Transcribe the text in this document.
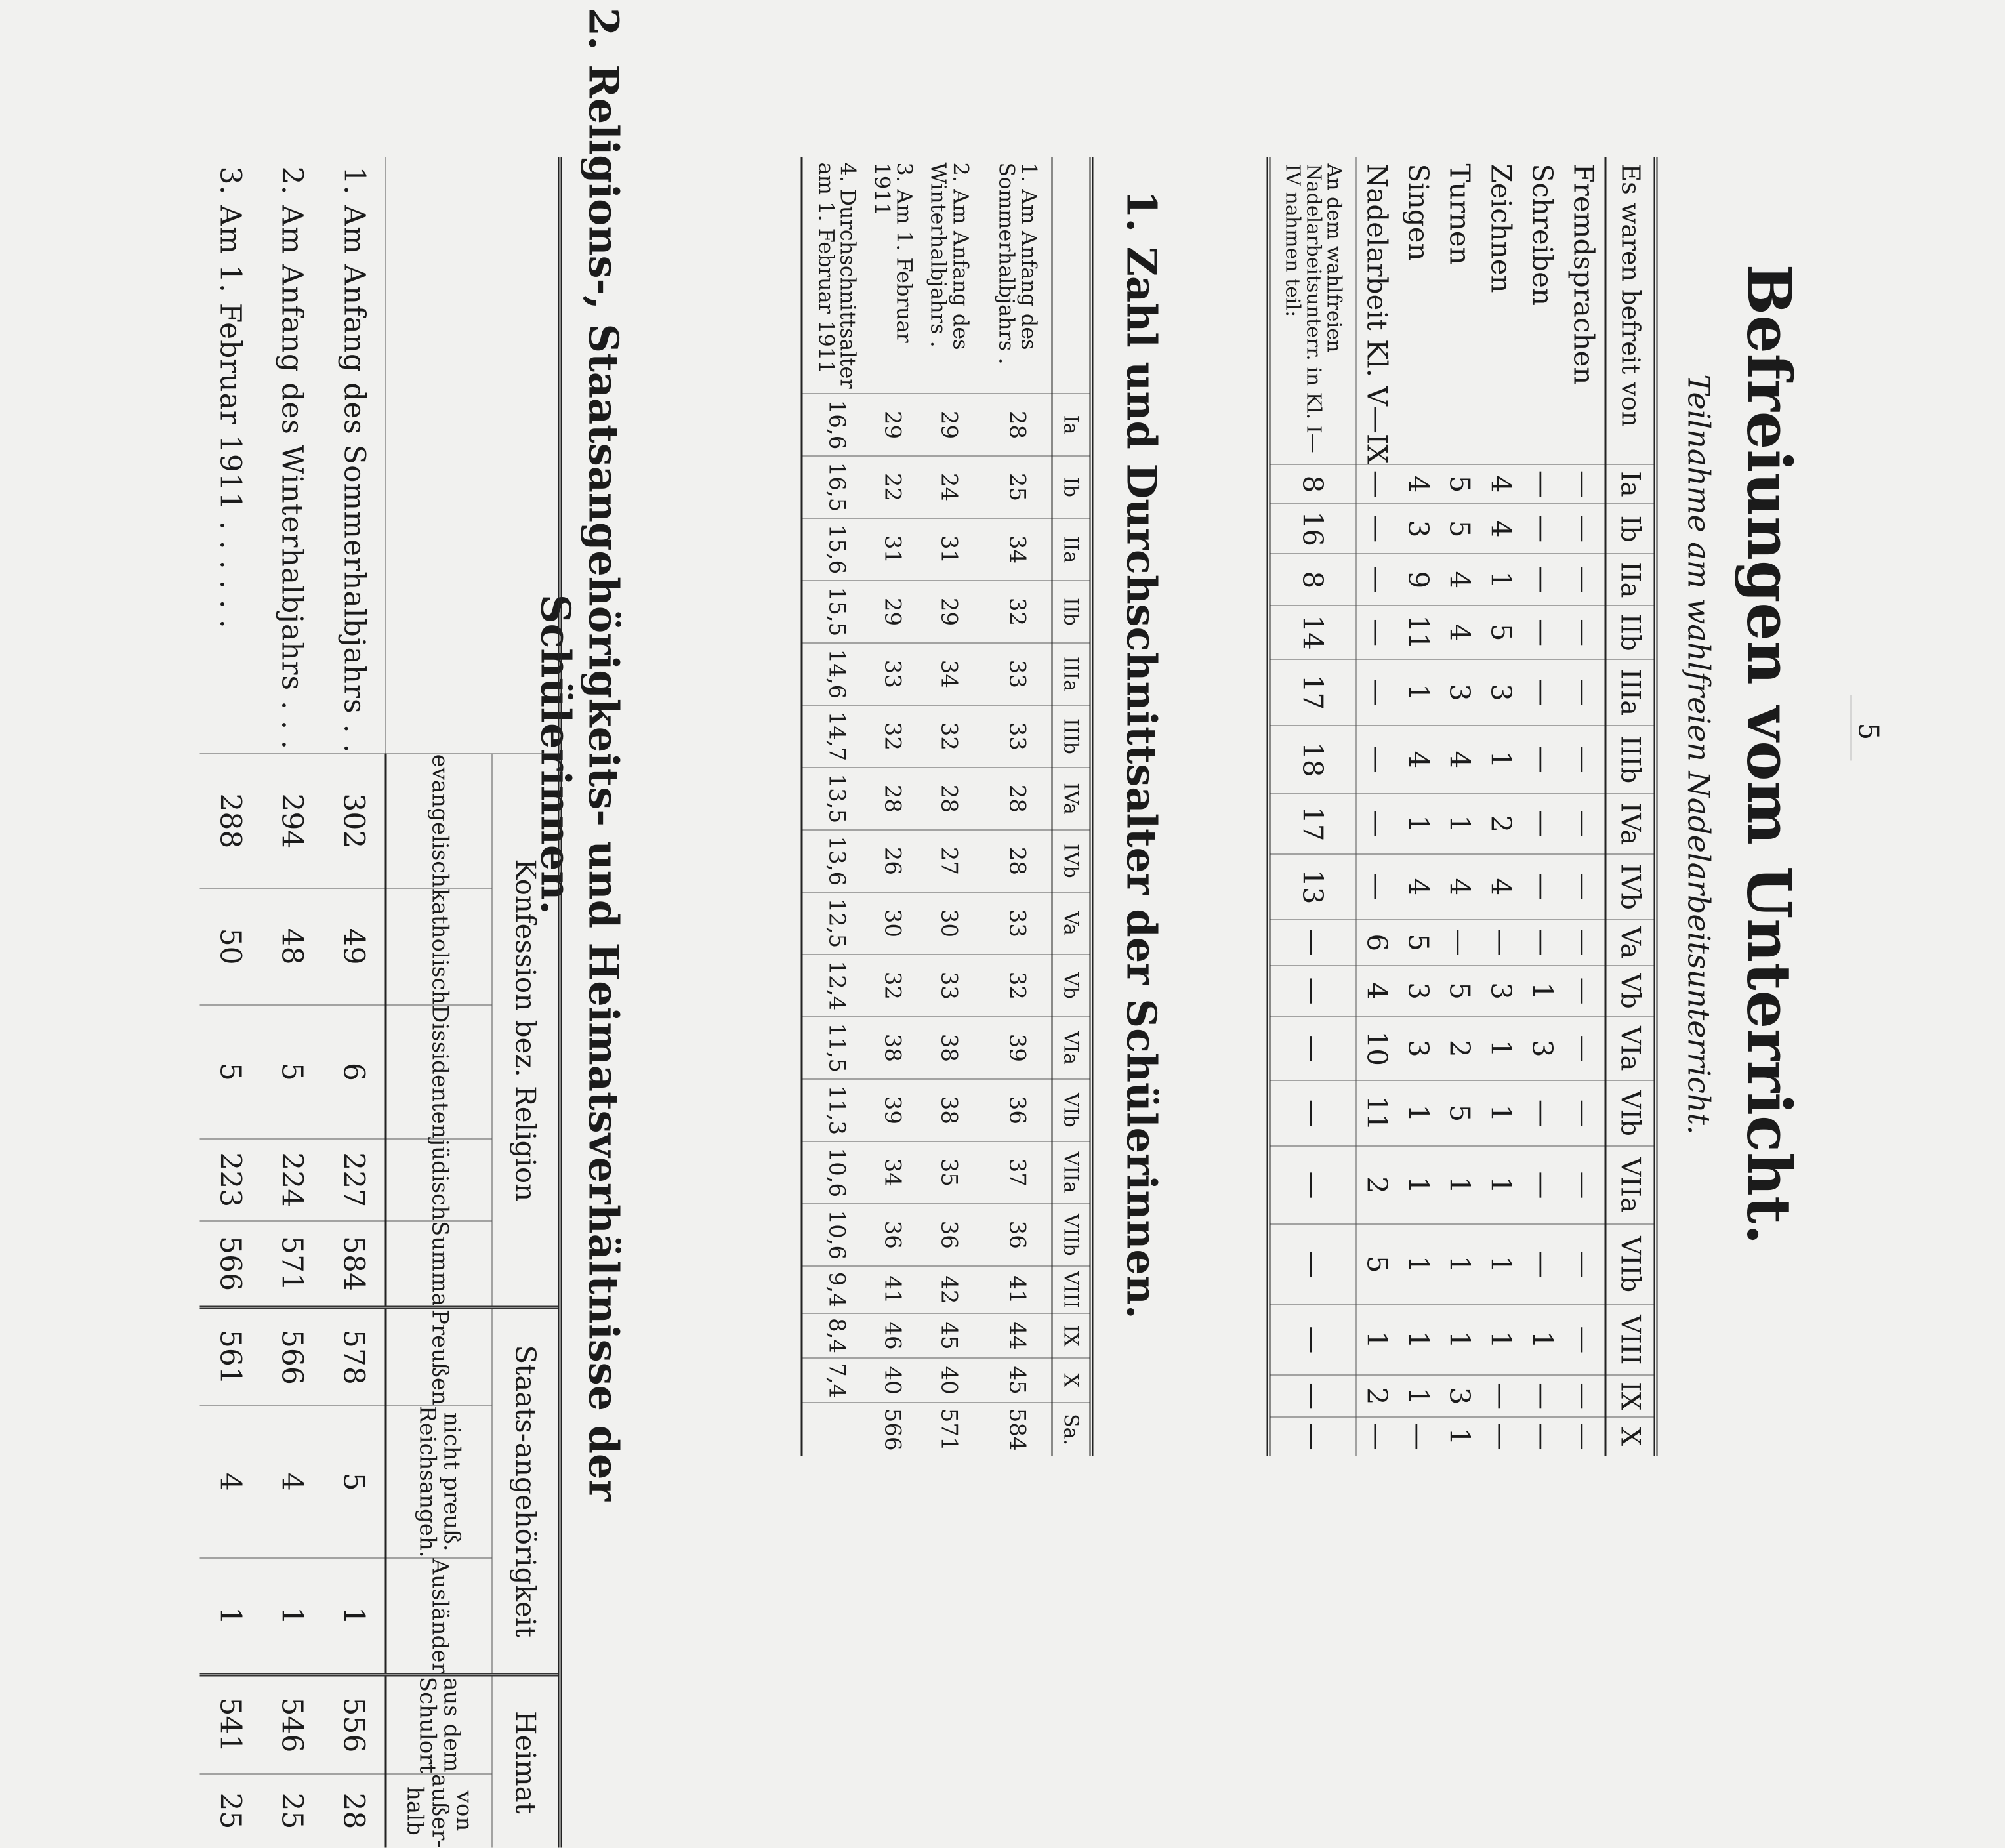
5
Befreiungen vom Unterricht.
Teilnahme am wahlfreien Nadelarbeitsunterricht.
Es waren befreit von	Ia	Ib	IIa	IIb	IIIa	IIIb	IVa	IVb	Va	Vb	VIa	VIb	VIIa	VIIb	VIII	IX	X
Fremdsprachen	—	—	—	—	—	—	—	—	—	—	—	—	—	—	—	—	—
Schreiben	—	—	—	—	—	—	—	—	—	1	3	—	—	—	1	—	—
Zeichnen	4	4	1	5	3	1	2	4	—	3	1	1	1	1	1	—	—
Turnen	5	5	4	4	3	4	1	4	—	5	2	5	1	1	1	3	1
Singen	4	3	9	11	1	4	1	4	5	3	3	1	1	1	1	1	—
Nadelarbeit Kl. V—IX	—	—	—	—	—	—	—	—	6	4	10	11	2	5	1	2	—
An dem wahlfreien Nadelarbeitsunterr. in Kl. I—IV nahmen teil:	8	16	8	14	17	18	17	13	—	—	—	—	—	—	—	—	—
1. Zahl und Durchschnittsalter der Schülerinnen.
	Ia	Ib	IIa	IIb	IIIa	IIIb	IVa	IVb	Va	Vb	VIa	VIb	VIIa	VIIb	VIII	IX	X	Sa.
1. Am Anfang des Sommerhalbjahrs .	28	25	34	32	33	33	28	28	33	32	39	36	37	36	41	44	45	584
2. Am Anfang des Winterhalbjahrs .	29	24	31	29	34	32	28	27	30	33	38	38	35	36	42	45	40	571
3. Am 1. Februar 1911	29	22	31	29	33	32	28	26	30	32	38	39	34	36	41	46	40	566
4. Durchschnittsalter am 1. Februar 1911	16,6	16,5	15,6	15,5	14,6	14,7	13,5	13,6	12,5	12,4	11,5	11,3	10,6	10,6	9,4	8,4	7,4	
2. Religions-, Staatsangehörigkeits- und Heimatsverhältnisse der Schülerinnen.
	Konfession bez. Religion					Staats-angehörigkeit			Heimat	
	evangelisch	katholisch	Dissidenten	jüdisch	Summa	Preußen	nicht preuß. Reichsangeh.	Ausländer	aus dem Schulort	von außer-halb
1. Am Anfang des Sommerhalbjahrs . .	302	49	6	227	584	578	5	1	556	28
2. Am Anfang des Winterhalbjahrs . . .	294	48	5	224	571	566	4	1	546	25
3. Am 1. Februar 1911 . . . . . .	288	50	5	223	566	561	4	1	541	25
